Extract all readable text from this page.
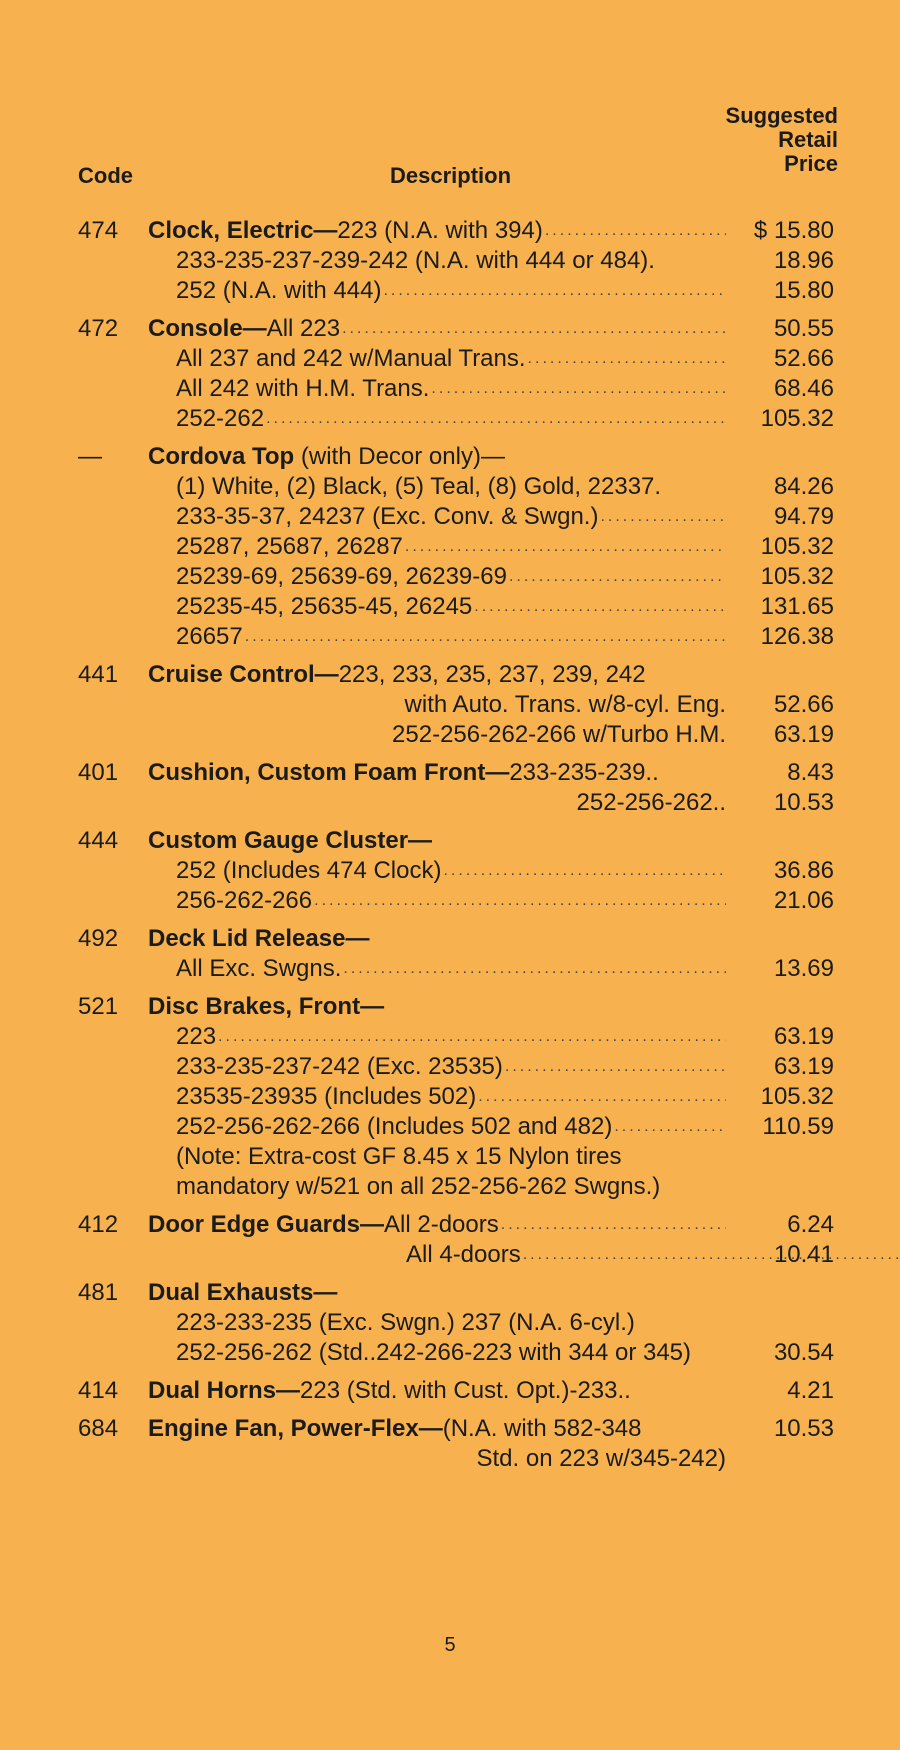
Code	Description
Suggested
Retail
Price
474	Clock, Electric—223 (N.A. with 394) .....	$ 15.80
233-235-237-239-242 (N.A. with 444 or 484).	18.96
252 (N.A. with 444) .....	15.80
472	Console—All 223 .....	50.55
All 237 and 242 w/Manual Trans. .....	52.66
All 242 with H.M. Trans. .....	68.46
252-262 .....	105.32
—	Cordova Top (with Decor only)—
(1) White, (2) Black, (5) Teal, (8) Gold, 22337.	84.26
233-35-37, 24237 (Exc. Conv. & Swgn.) .....	94.79
25287, 25687, 26287 .....	105.32
25239-69, 25639-69, 26239-69 .....	105.32
25235-45, 25635-45, 26245 .....	131.65
26657 .....	126.38
441	Cruise Control—223, 233, 235, 237, 239, 242
with Auto. Trans. w/8-cyl. Eng.	52.66
252-256-262-266 w/Turbo H.M.	63.19
401	Cushion, Custom Foam Front—233-235-239..	8.43
252-256-262..	10.53
444	Custom Gauge Cluster—
252 (Includes 474 Clock) .....	36.86
256-262-266 .....	21.06
492	Deck Lid Release—
All Exc. Swgns. .....	13.69
521	Disc Brakes, Front—
223 .....	63.19
233-235-237-242 (Exc. 23535) .....	63.19
23535-23935 (Includes 502) .....	105.32
252-256-262-266 (Includes 502 and 482) .....	110.59
(Note: Extra-cost GF 8.45 x 15 Nylon tires
mandatory w/521 on all 252-256-262 Swgns.)
412	Door Edge Guards—All 2-doors .....	6.24
All 4-doors .....	10.41
481	Dual Exhausts—
223-233-235 (Exc. Swgn.) 237 (N.A. 6-cyl.)
252-256-262 (Std..242-266-223 with 344 or 345)	30.54
414	Dual Horns—223 (Std. with Cust. Opt.)-233..	4.21
684	Engine Fan, Power-Flex—(N.A. with 582-348	10.53
Std. on 223 w/345-242)
5
